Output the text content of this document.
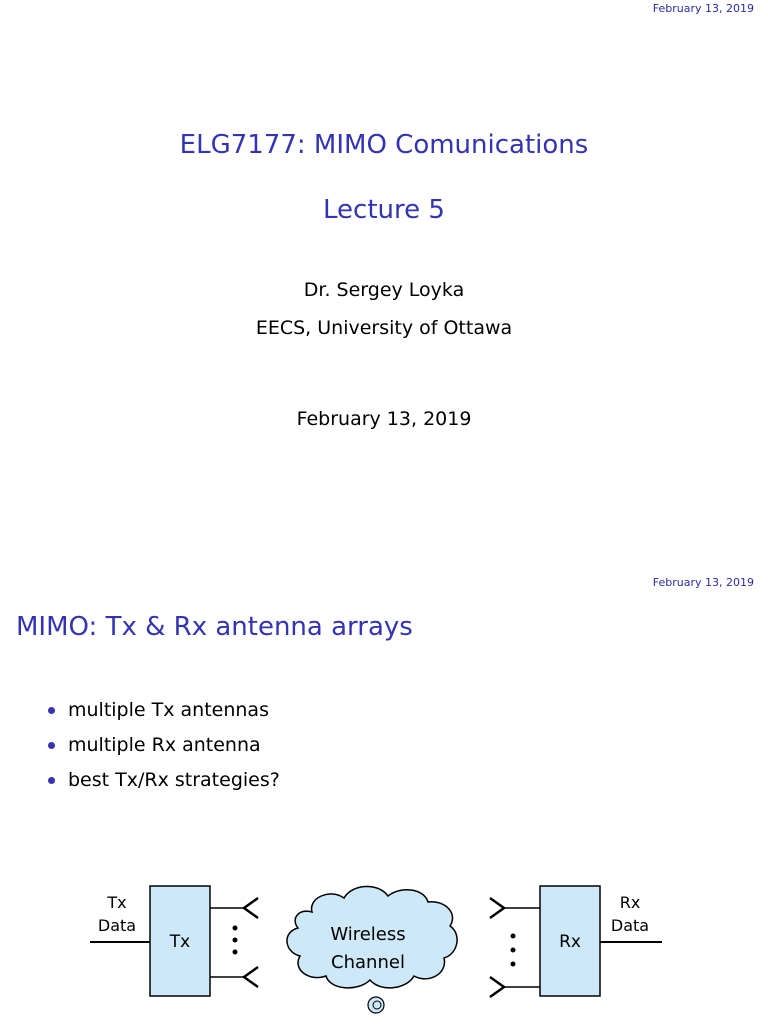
February 13, 2019
ELG7177: MIMO Comunications
Lecture 5
Dr. Sergey Loyka
EECS, University of Ottawa
February 13, 2019
February 13, 2019
MIMO: Tx & Rx antenna arrays
multiple Tx antennas
multiple Rx antenna
best Tx/Rx strategies?
Tx
Data
Tx	Wireless
Channel
Rx
Rx
Data
